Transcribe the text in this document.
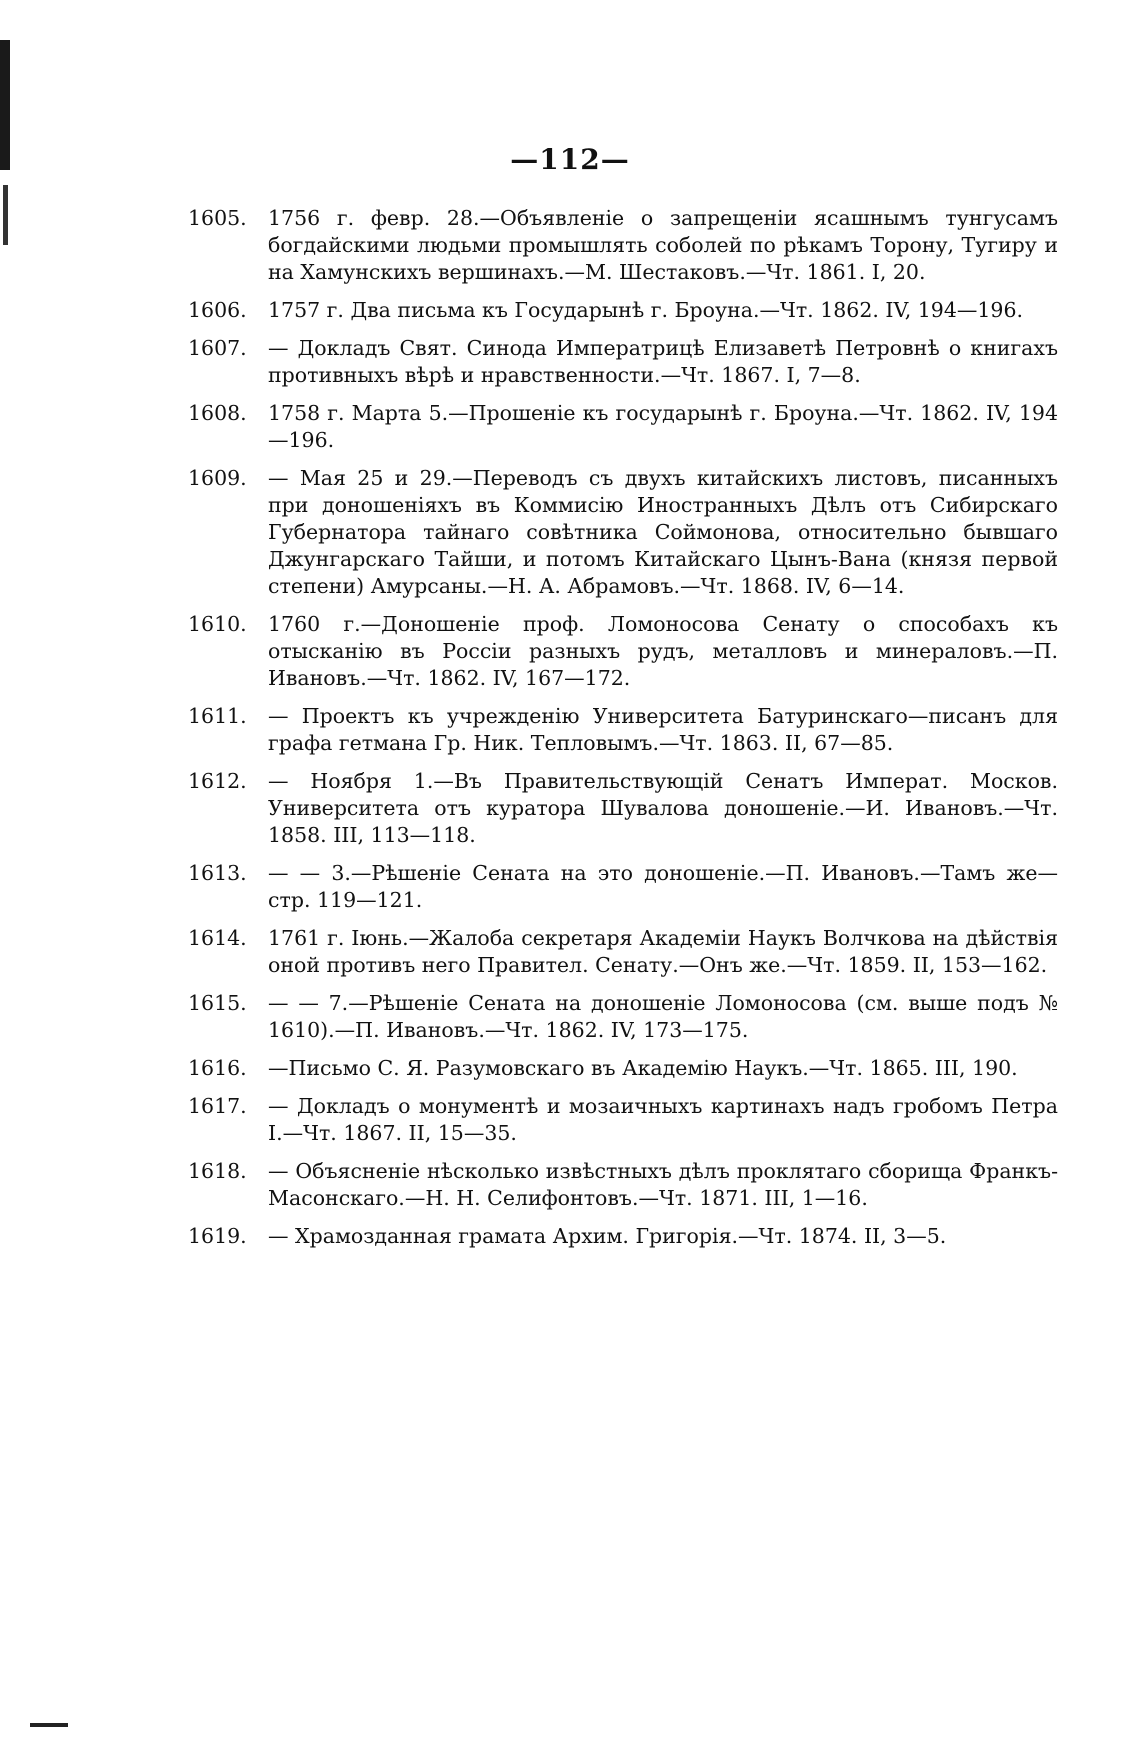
—112—
1605.	1756 г. февр. 28.—Объявленіе о запрещеніи ясашнымъ тунгусамъ богдайскими людьми промышлять соболей по рѣкамъ Торону, Тугиру и на Хамунскихъ вершинахъ.—М. Шестаковъ.—Чт. 1861. I, 20.
1606.	1757 г. Два письма къ Государынѣ г. Броуна.—Чт. 1862. IV, 194—196.
1607.	— Докладъ Свят. Синода Императрицѣ Елизаветѣ Петровнѣ о книгахъ противныхъ вѣрѣ и нравственности.—Чт. 1867. I, 7—8.
1608.	1758 г. Марта 5.—Прошеніе къ государынѣ г. Броуна.—Чт. 1862. IV, 194—196.
1609.	— Мая 25 и 29.—Переводъ съ двухъ китайскихъ листовъ, писанныхъ при доношеніяхъ въ Коммисію Иностранныхъ Дѣлъ отъ Сибирскаго Губернатора тайнаго совѣтника Соймонова, относительно бывшаго Джунгарскаго Тайши, и потомъ Китайскаго Цынъ-Вана (князя первой степени) Амурсаны.—Н. А. Абрамовъ.—Чт. 1868. IV, 6—14.
1610.	1760 г.—Доношеніе проф. Ломоносова Сенату о способахъ къ отысканію въ Россіи разныхъ рудъ, металловъ и минераловъ.—П. Ивановъ.—Чт. 1862. IV, 167—172.
1611.	— Проектъ къ учрежденію Университета Батуринскаго—писанъ для графа гетмана Гр. Ник. Тепловымъ.—Чт. 1863. II, 67—85.
1612.	— Ноября 1.—Въ Правительствующій Сенатъ Императ. Москов. Университета отъ куратора Шувалова доношеніе.—И. Ивановъ.—Чт. 1858. III, 113—118.
1613.	— — 3.—Рѣшеніе Сената на это доношеніе.—П. Ивановъ.—Тамъ же—стр. 119—121.
1614.	1761 г. Іюнь.—Жалоба секретаря Академіи Наукъ Волчкова на дѣйствія оной противъ него Правител. Сенату.—Онъ же.—Чт. 1859. II, 153—162.
1615.	— — 7.—Рѣшеніе Сената на доношеніе Ломоносова (см. выше подъ № 1610).—П. Ивановъ.—Чт. 1862. IV, 173—175.
1616.	—Письмо С. Я. Разумовскаго въ Академію Наукъ.—Чт. 1865. III, 190.
1617.	— Докладъ о монументѣ и мозаичныхъ картинахъ надъ гробомъ Петра I.—Чт. 1867. II, 15—35.
1618.	— Объясненіе нѣсколько извѣстныхъ дѣлъ проклятаго сборища Франкъ-Масонскаго.—Н. Н. Селифонтовъ.—Чт. 1871. III, 1—16.
1619.	— Храмозданная грамата Архим. Григорія.—Чт. 1874. II, 3—5.
